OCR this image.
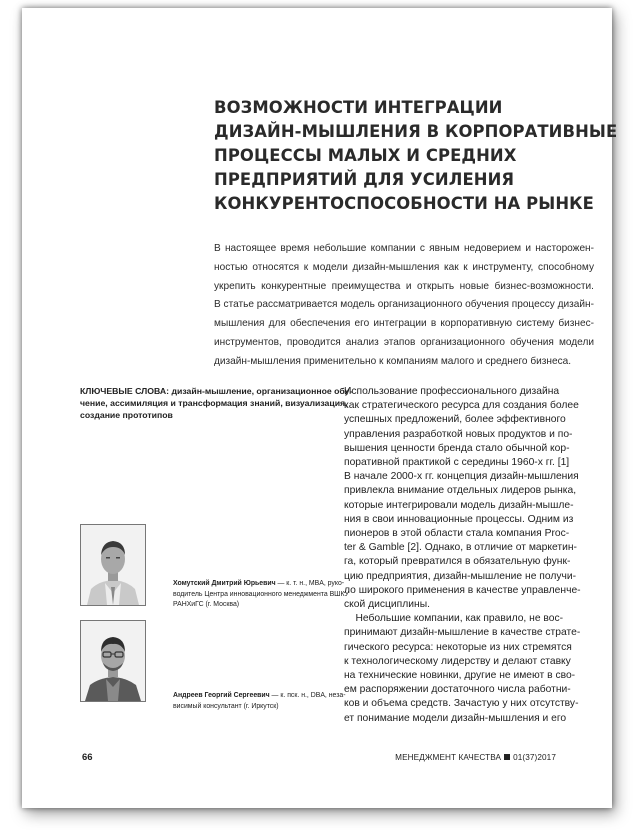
ВОЗМОЖНОСТИ ИНТЕГРАЦИИ
ДИЗАЙН-МЫШЛЕНИЯ В КОРПОРАТИВНЫЕ
ПРОЦЕССЫ МАЛЫХ И СРЕДНИХ
ПРЕДПРИЯТИЙ ДЛЯ УСИЛЕНИЯ
КОНКУРЕНТОСПОСОБНОСТИ НА РЫНКЕ
В настоящее время небольшие компании с явным недоверием и насторожен-
ностью относятся к модели дизайн-мышления как к инструменту, способному
укрепить конкурентные преимущества и открыть новые бизнес-возможности.
В статье рассматривается модель организационного обучения процессу дизайн-
мышления для обеспечения его интеграции в корпоративную систему бизнес-
инструментов, проводится анализ этапов организационного обучения модели
дизайн-мышления применительно к компаниям малого и среднего бизнеса.
КЛЮЧЕВЫЕ СЛОВА: дизайн-мышление, организационное обу-
чение, ассимиляция и трансформация знаний, визуализация,
создание прототипов
Использование профессионального дизайна
как стратегического ресурса для создания более
успешных предложений, более эффективного
управления разработкой новых продуктов и по-
вышения ценности бренда стало обычной кор-
поративной практикой с середины 1960-х гг. [1]
В начале 2000-х гг. концепция дизайн-мышления
привлекла внимание отдельных лидеров рынка,
которые интегрировали модель дизайн-мышле-
ния в свои инновационные процессы. Одним из
пионеров в этой области стала компания Proc-
ter & Gamble [2]. Однако, в отличие от маркетин-
га, который превратился в обязательную функ-
цию предприятия, дизайн-мышление не получи-
ло широкого применения в качестве управленче-
ской дисциплины.
Небольшие компании, как правило, не вос-
принимают дизайн-мышление в качестве страте-
гического ресурса: некоторые из них стремятся
к технологическому лидерству и делают ставку
на технические новинки, другие не имеют в сво-
ем распоряжении достаточного числа работни-
ков и объема средств. Зачастую у них отсутству-
ет понимание модели дизайн-мышления и его
Хомутский Дмитрий Юрьевич — к. т. н., MBA, руко-
водитель Центра инновационного менеджмента ВШКУ
РАНХиГС (г. Москва)
Андреев Георгий Сергеевич — к. пск. н., DBA, неза-
висимый консультант (г. Иркутск)
66	МЕНЕДЖМЕНТ КАЧЕСТВА 01(37)2017
